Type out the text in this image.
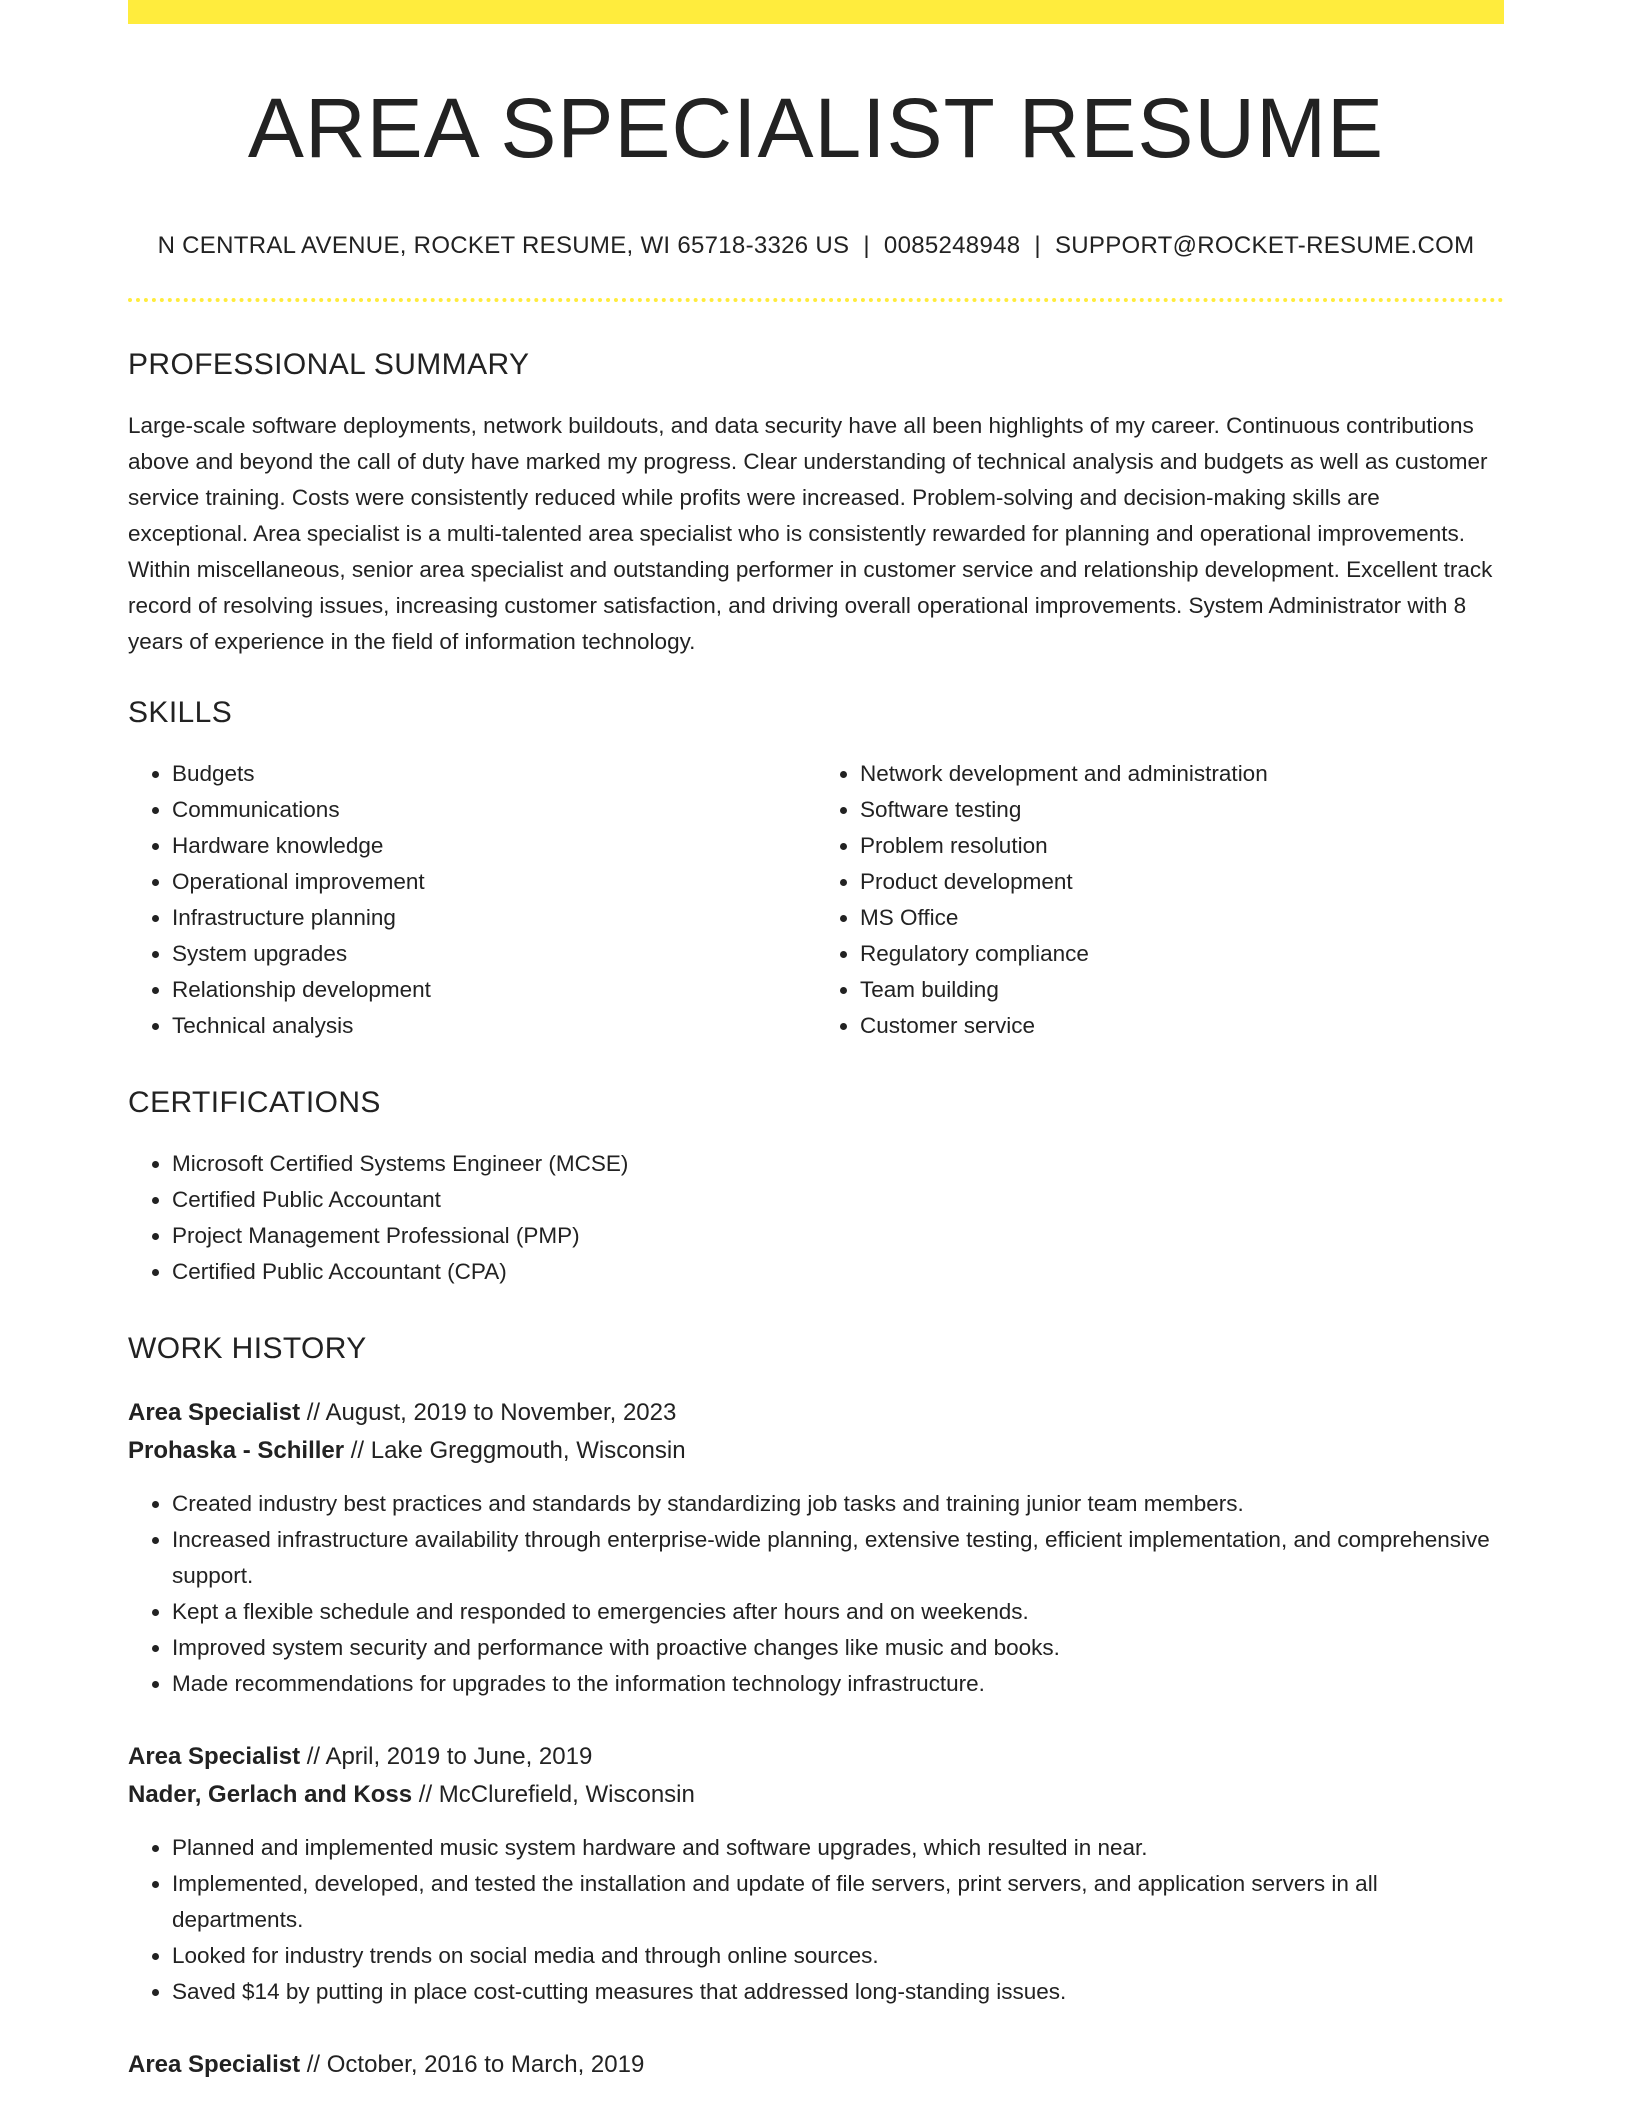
AREA SPECIALIST RESUME
N CENTRAL AVENUE, ROCKET RESUME, WI 65718-3326 US | 0085248948 | SUPPORT@ROCKET-RESUME.COM
PROFESSIONAL SUMMARY

Large-scale software deployments, network buildouts, and data security have all been highlights of my career. Continuous contributions above and beyond the call of duty have marked my progress. Clear understanding of technical analysis and budgets as well as customer service training. Costs were consistently reduced while profits were increased. Problem-solving and decision-making skills are exceptional. Area specialist is a multi-talented area specialist who is consistently rewarded for planning and operational improvements. Within miscellaneous, senior area specialist and outstanding performer in customer service and relationship development. Excellent track record of resolving issues, increasing customer satisfaction, and driving overall operational improvements. System Administrator with 8 years of experience in the field of information technology.

SKILLS
• Budgets
• Communications
• Hardware knowledge
• Operational improvement
• Infrastructure planning
• System upgrades
• Relationship development
• Technical analysis
• Network development and administration
• Software testing
• Problem resolution
• Product development
• MS Office
• Regulatory compliance
• Team building
• Customer service
CERTIFICATIONS
• Microsoft Certified Systems Engineer (MCSE)
• Certified Public Accountant
• Project Management Professional (PMP)
• Certified Public Accountant (CPA)
WORK HISTORY
Area Specialist // August, 2019 to November, 2023
Prohaska - Schiller // Lake Greggmouth, Wisconsin
• Created industry best practices and standards by standardizing job tasks and training junior team members.
• Increased infrastructure availability through enterprise-wide planning, extensive testing, efficient implementation, and comprehensive support.
• Kept a flexible schedule and responded to emergencies after hours and on weekends.
• Improved system security and performance with proactive changes like music and books.
• Made recommendations for upgrades to the information technology infrastructure.
Area Specialist // April, 2019 to June, 2019
Nader, Gerlach and Koss // McClurefield, Wisconsin
• Planned and implemented music system hardware and software upgrades, which resulted in near.
• Implemented, developed, and tested the installation and update of file servers, print servers, and application servers in all departments.
• Looked for industry trends on social media and through online sources.
• Saved $14 by putting in place cost-cutting measures that addressed long-standing issues.
Area Specialist // October, 2016 to March, 2019
